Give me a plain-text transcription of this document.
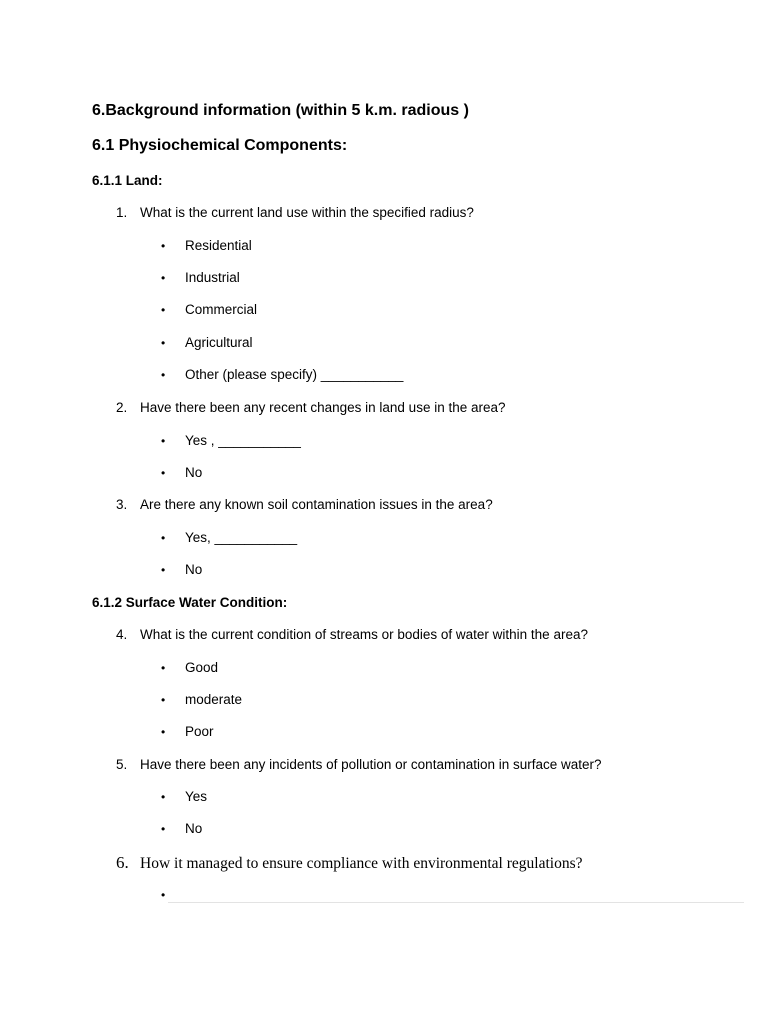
6.Background information (within 5 k.m. radious )
6.1 Physiochemical Components:
6.1.1 Land:
1. What is the current land use within the specified radius?
• Residential
• Industrial
• Commercial
• Agricultural
• Other (please specify) ___________
2. Have there been any recent changes in land use in the area?
• Yes , ___________
• No
3. Are there any known soil contamination issues in the area?
• Yes, ___________
• No
6.1.2 Surface Water Condition:
4. What is the current condition of streams or bodies of water within the area?
• Good
• moderate
• Poor
5. Have there been any incidents of pollution or contamination in surface water?
• Yes
• No
6. How it managed to ensure compliance with environmental regulations?
•
